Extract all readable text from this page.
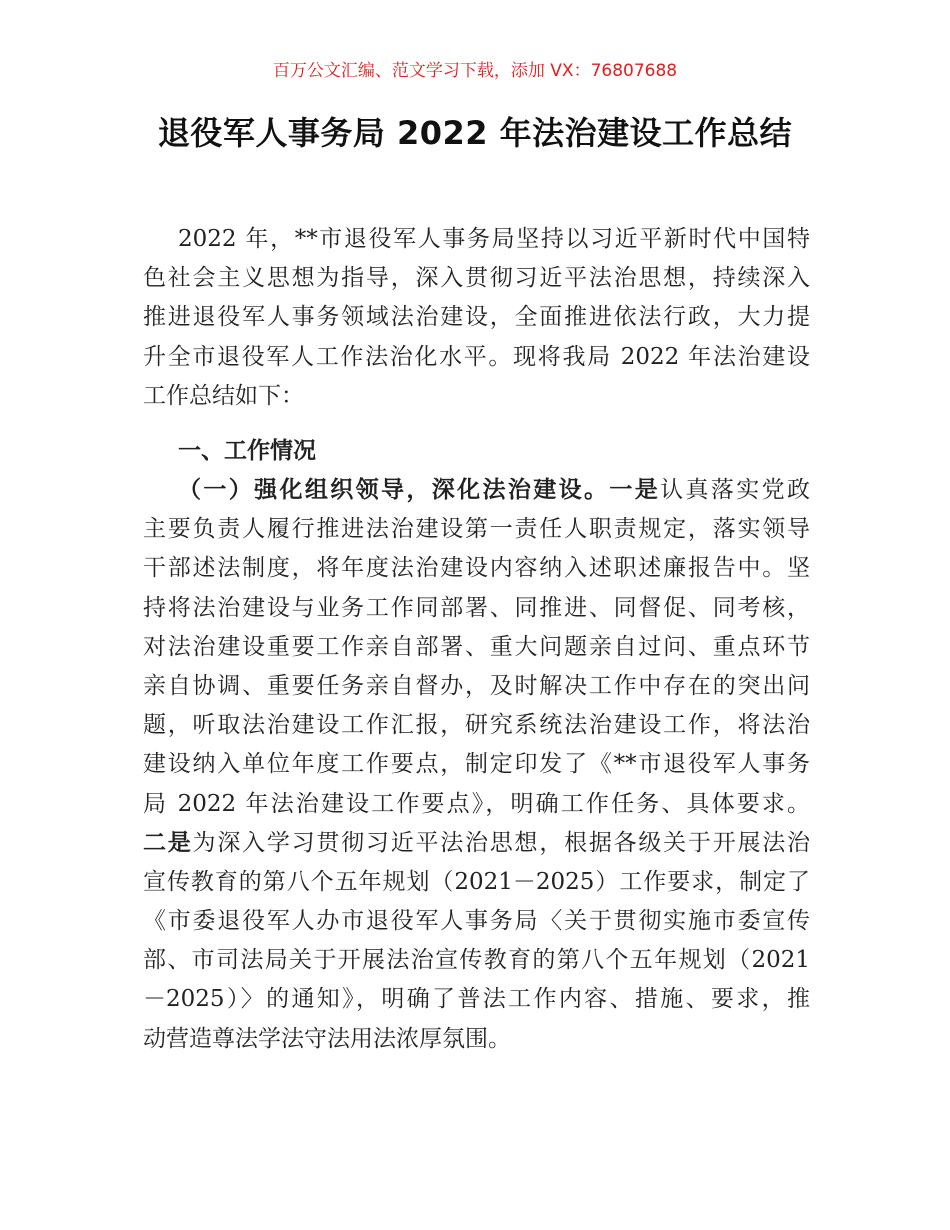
百万公文汇编、范文学习下载，添加 VX：76807688
退役军人事务局 2022 年法治建设工作总结
2022 年，**市退役军人事务局坚持以习近平新时代中国特
色社会主义思想为指导，深入贯彻习近平法治思想，持续深入
推进退役军人事务领域法治建设，全面推进依法行政，大力提
升全市退役军人工作法治化水平。现将我局 2022 年法治建设
工作总结如下：
一、工作情况
（一）强化组织领导，深化法治建设。一是认真落实党政
主要负责人履行推进法治建设第一责任人职责规定，落实领导
干部述法制度，将年度法治建设内容纳入述职述廉报告中。坚
持将法治建设与业务工作同部署、同推进、同督促、同考核，
对法治建设重要工作亲自部署、重大问题亲自过问、重点环节
亲自协调、重要任务亲自督办，及时解决工作中存在的突出问
题，听取法治建设工作汇报，研究系统法治建设工作，将法治
建设纳入单位年度工作要点，制定印发了《**市退役军人事务
局 2022 年法治建设工作要点》，明确工作任务、具体要求。
二是为深入学习贯彻习近平法治思想，根据各级关于开展法治
宣传教育的第八个五年规划（2021－2025）工作要求，制定了
《市委退役军人办市退役军人事务局〈关于贯彻实施市委宣传
部、市司法局关于开展法治宣传教育的第八个五年规划（2021
－2025）〉的通知》，明确了普法工作内容、措施、要求，推
动营造尊法学法守法用法浓厚氛围。
